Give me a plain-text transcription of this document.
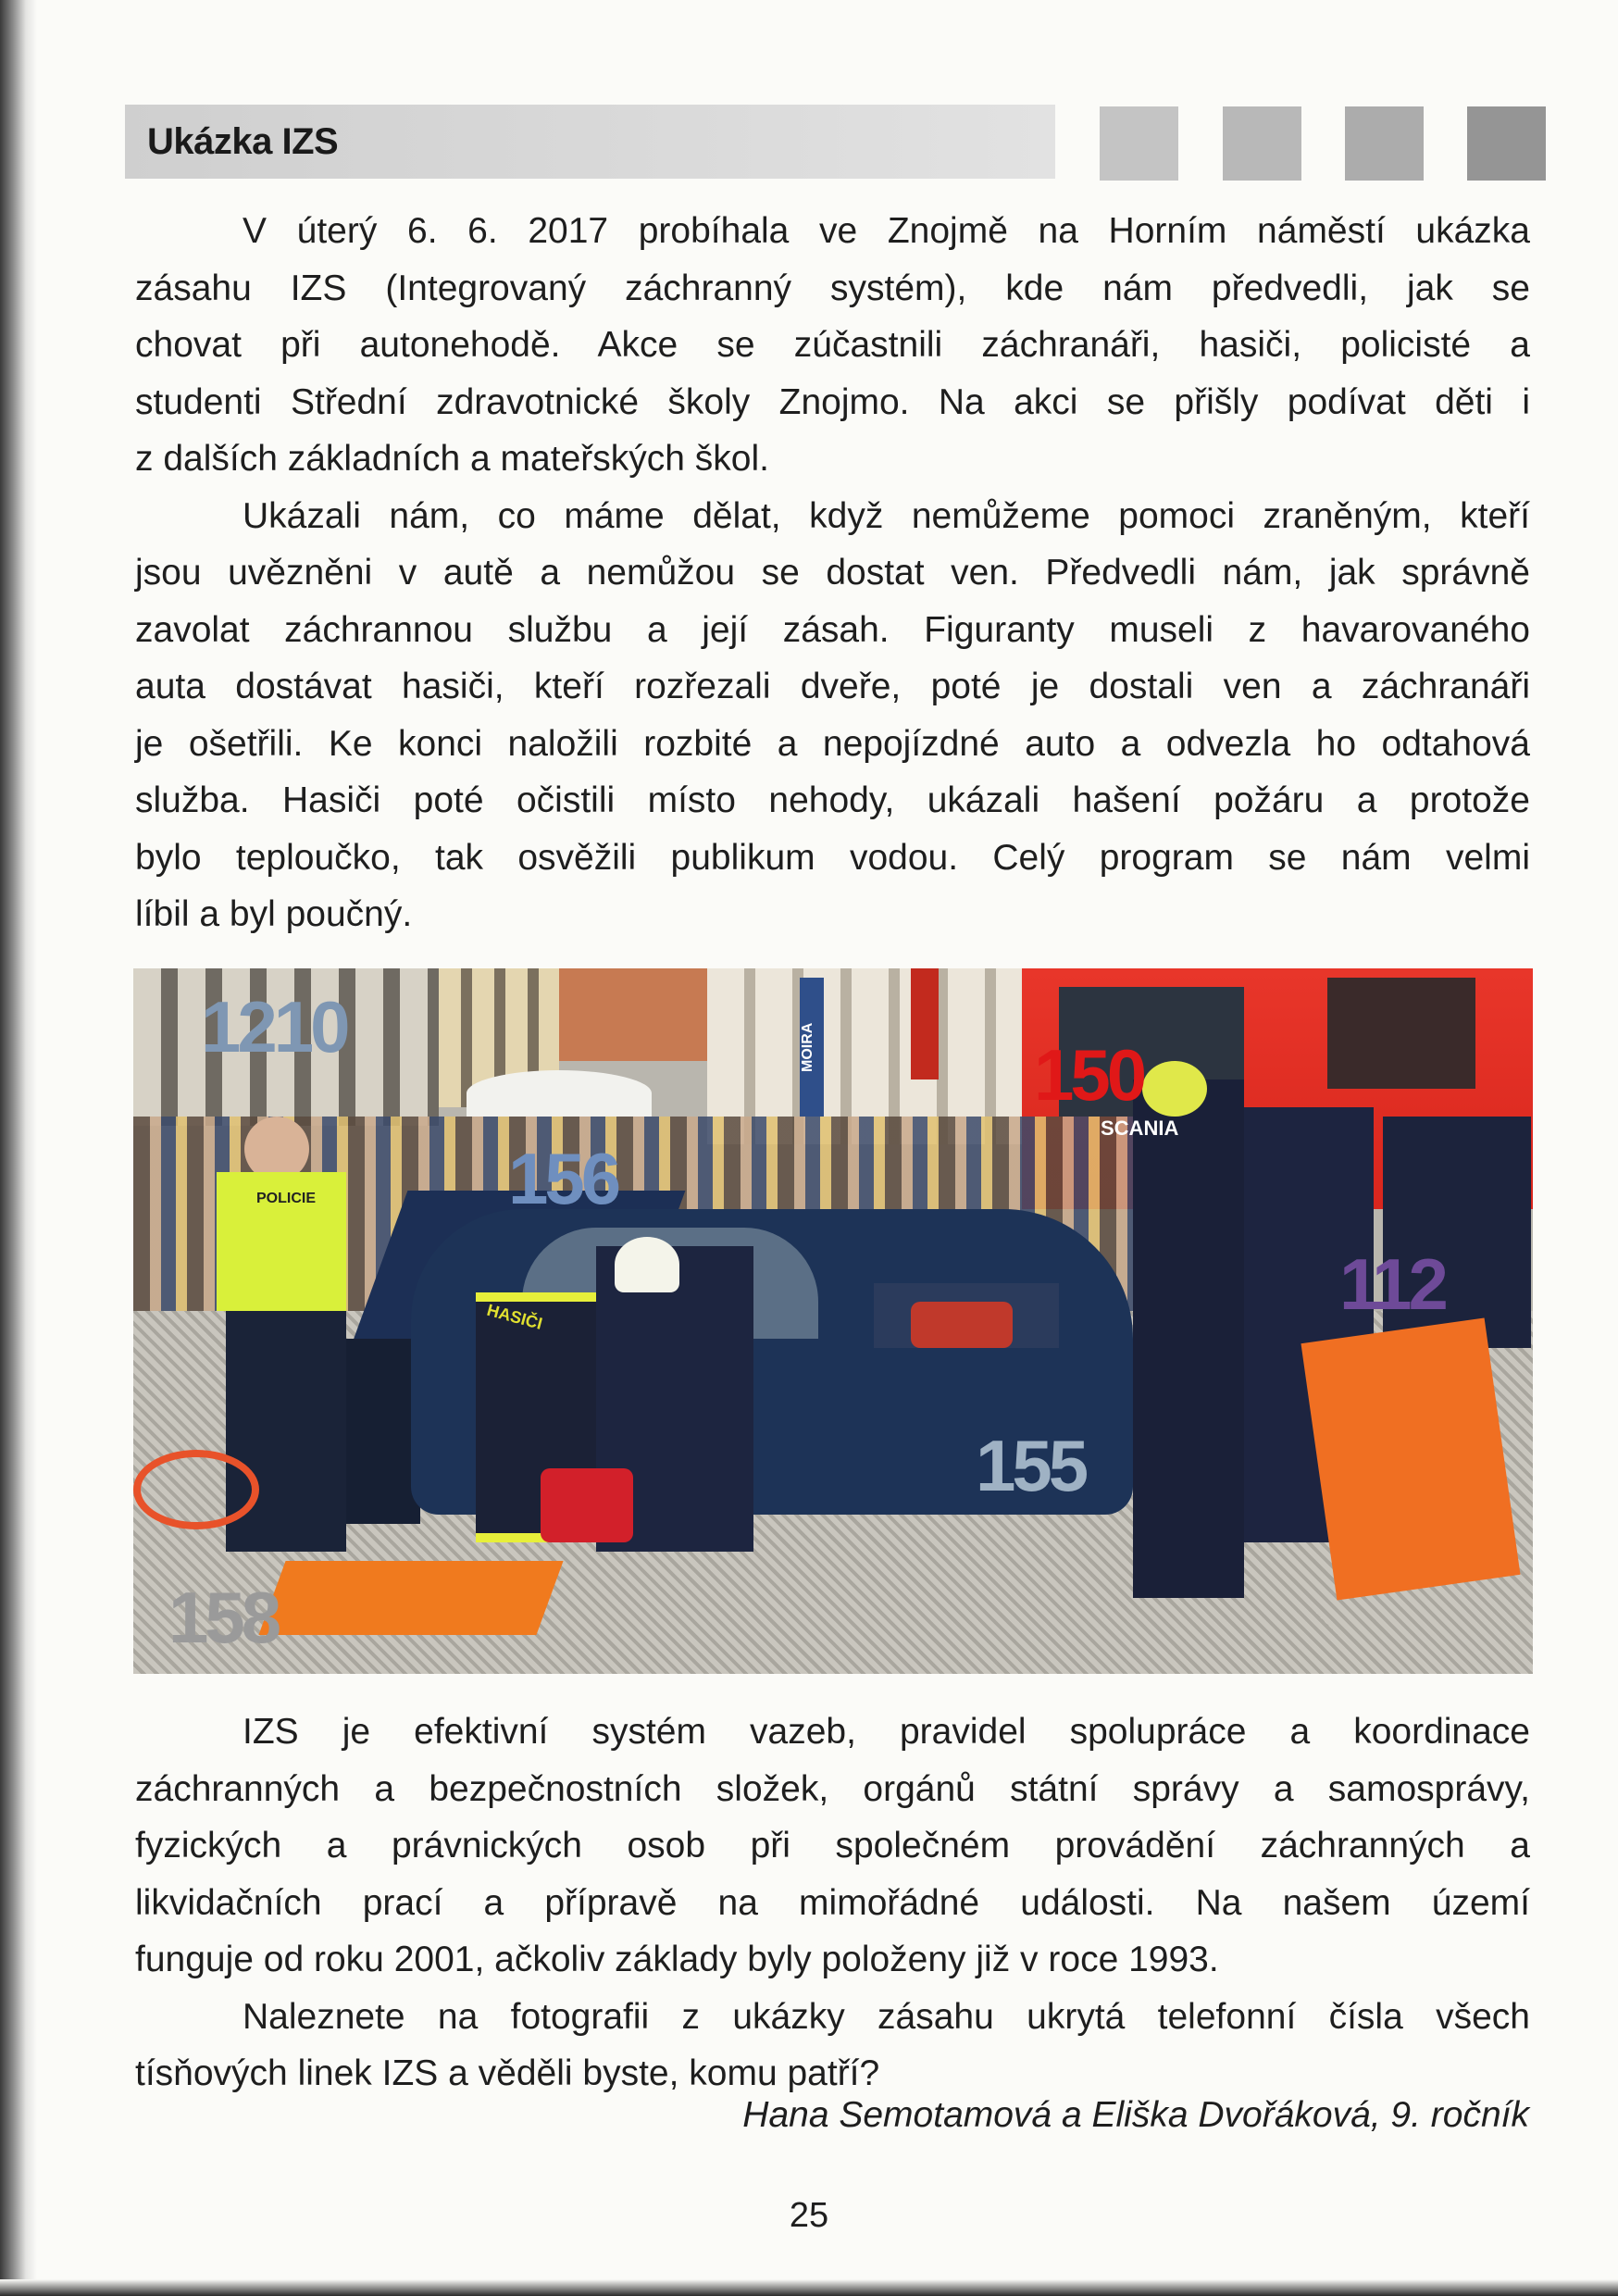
Ukázka IZS
V úterý 6. 6. 2017 probíhala ve Znojmě na Horním náměstí ukázka
zásahu IZS (Integrovaný záchranný systém), kde nám předvedli, jak se
chovat při autonehodě. Akce se zúčastnili záchranáři, hasiči, policisté a
studenti Střední zdravotnické školy Znojmo. Na akci se přišly podívat děti i
z dalších základních a mateřských škol.
Ukázali nám, co máme dělat, když nemůžeme pomoci zraněným, kteří
jsou uvězněni v autě a nemůžou se dostat ven. Předvedli nám, jak správně
zavolat záchrannou službu a její zásah. Figuranty museli z havarovaného
auta dostávat hasiči, kteří rozřezali dveře, poté je dostali ven a záchranáři
je ošetřili. Ke konci naložili rozbité a nepojízdné auto a odvezla ho odtahová
služba. Hasiči poté očistili místo nehody, ukázali hašení požáru a protože
bylo teploučko, tak osvěžili publikum vodou. Celý program se nám velmi
líbil a byl poučný.
MOIRA
POLICIE
HASIČI
SCANIA
1210
156
150
112
155
158
IZS je efektivní systém vazeb, pravidel spolupráce a koordinace
záchranných a bezpečnostních složek, orgánů státní správy a samosprávy,
fyzických a právnických osob při společném provádění záchranných a
likvidačních prací a přípravě na mimořádné události. Na našem území
funguje od roku 2001, ačkoliv základy byly položeny již v roce 1993.
Naleznete na fotografii z ukázky zásahu ukrytá telefonní čísla všech
tísňových linek IZS a věděli byste, komu patří?
Hana Semotamová a Eliška Dvořáková, 9. ročník
25
